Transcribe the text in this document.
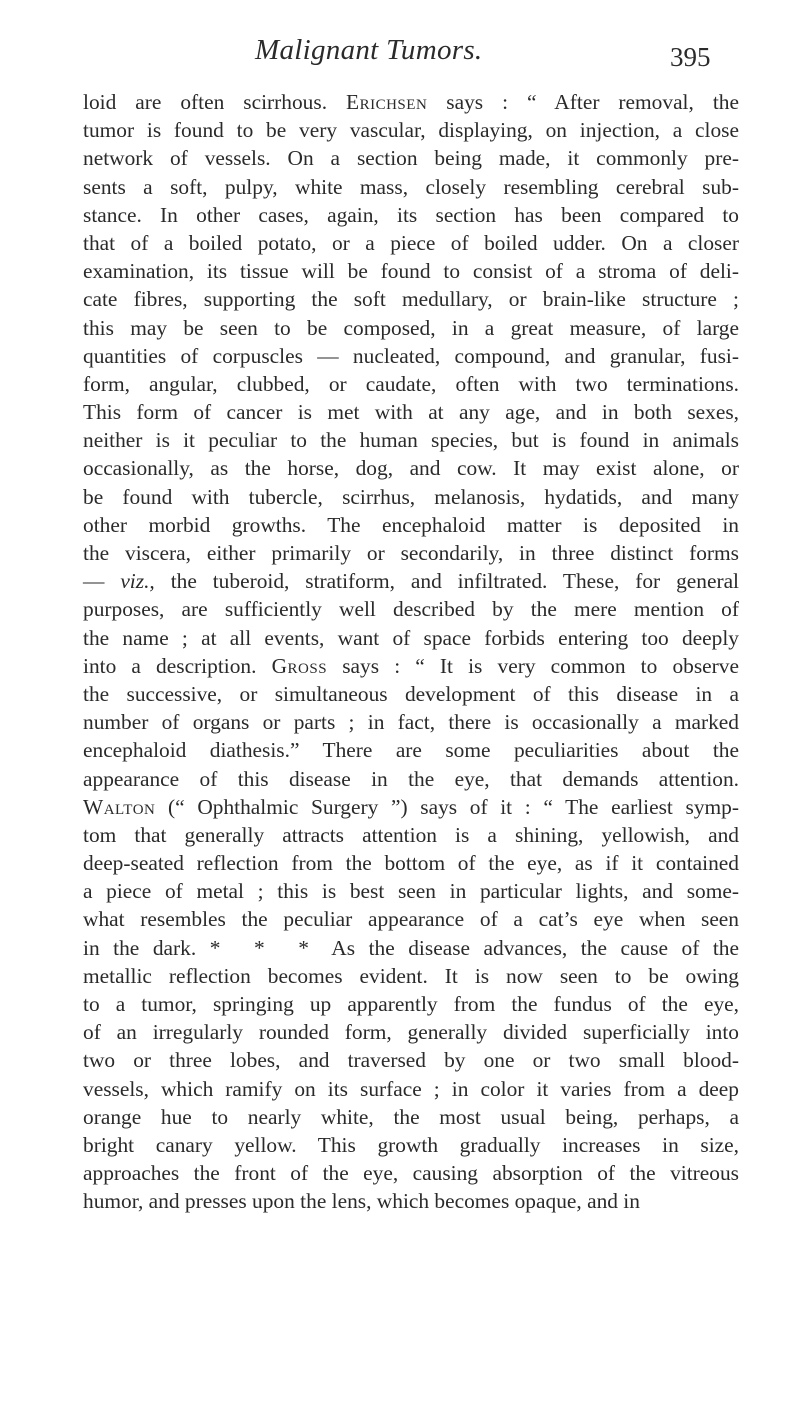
Malignant Tumors.	395
loid are often scirrhous. Erichsen says : “ After removal, the
tumor is found to be very vascular, displaying, on injection, a close
network of vessels. On a section being made, it commonly pre-
sents a soft, pulpy, white mass, closely resembling cerebral sub-
stance. In other cases, again, its section has been compared to
that of a boiled potato, or a piece of boiled udder. On a closer
examination, its tissue will be found to consist of a stroma of deli-
cate fibres, supporting the soft medullary, or brain-like structure ;
this may be seen to be composed, in a great measure, of large
quantities of corpuscles — nucleated, compound, and granular, fusi-
form, angular, clubbed, or caudate, often with two terminations.
This form of cancer is met with at any age, and in both sexes,
neither is it peculiar to the human species, but is found in animals
occasionally, as the horse, dog, and cow. It may exist alone, or
be found with tubercle, scirrhus, melanosis, hydatids, and many
other morbid growths. The encephaloid matter is deposited in
the viscera, either primarily or secondarily, in three distinct forms
— viz., the tuberoid, stratiform, and infiltrated. These, for general
purposes, are sufficiently well described by the mere mention of
the name ; at all events, want of space forbids entering too deeply
into a description. Gross says : “ It is very common to observe
the successive, or simultaneous development of this disease in a
number of organs or parts ; in fact, there is occasionally a marked
encephaloid diathesis.” There are some peculiarities about the
appearance of this disease in the eye, that demands attention.
Walton (“ Ophthalmic Surgery ”) says of it : “ The earliest symp-
tom that generally attracts attention is a shining, yellowish, and
deep-seated reflection from the bottom of the eye, as if it contained
a piece of metal ; this is best seen in particular lights, and some-
what resembles the peculiar appearance of a cat’s eye when seen
in the dark. * * * As the disease advances, the cause of the
metallic reflection becomes evident. It is now seen to be owing
to a tumor, springing up apparently from the fundus of the eye,
of an irregularly rounded form, generally divided superficially into
two or three lobes, and traversed by one or two small blood-
vessels, which ramify on its surface ; in color it varies from a deep
orange hue to nearly white, the most usual being, perhaps, a
bright canary yellow. This growth gradually increases in size,
approaches the front of the eye, causing absorption of the vitreous
humor, and presses upon the lens, which becomes opaque, and in
